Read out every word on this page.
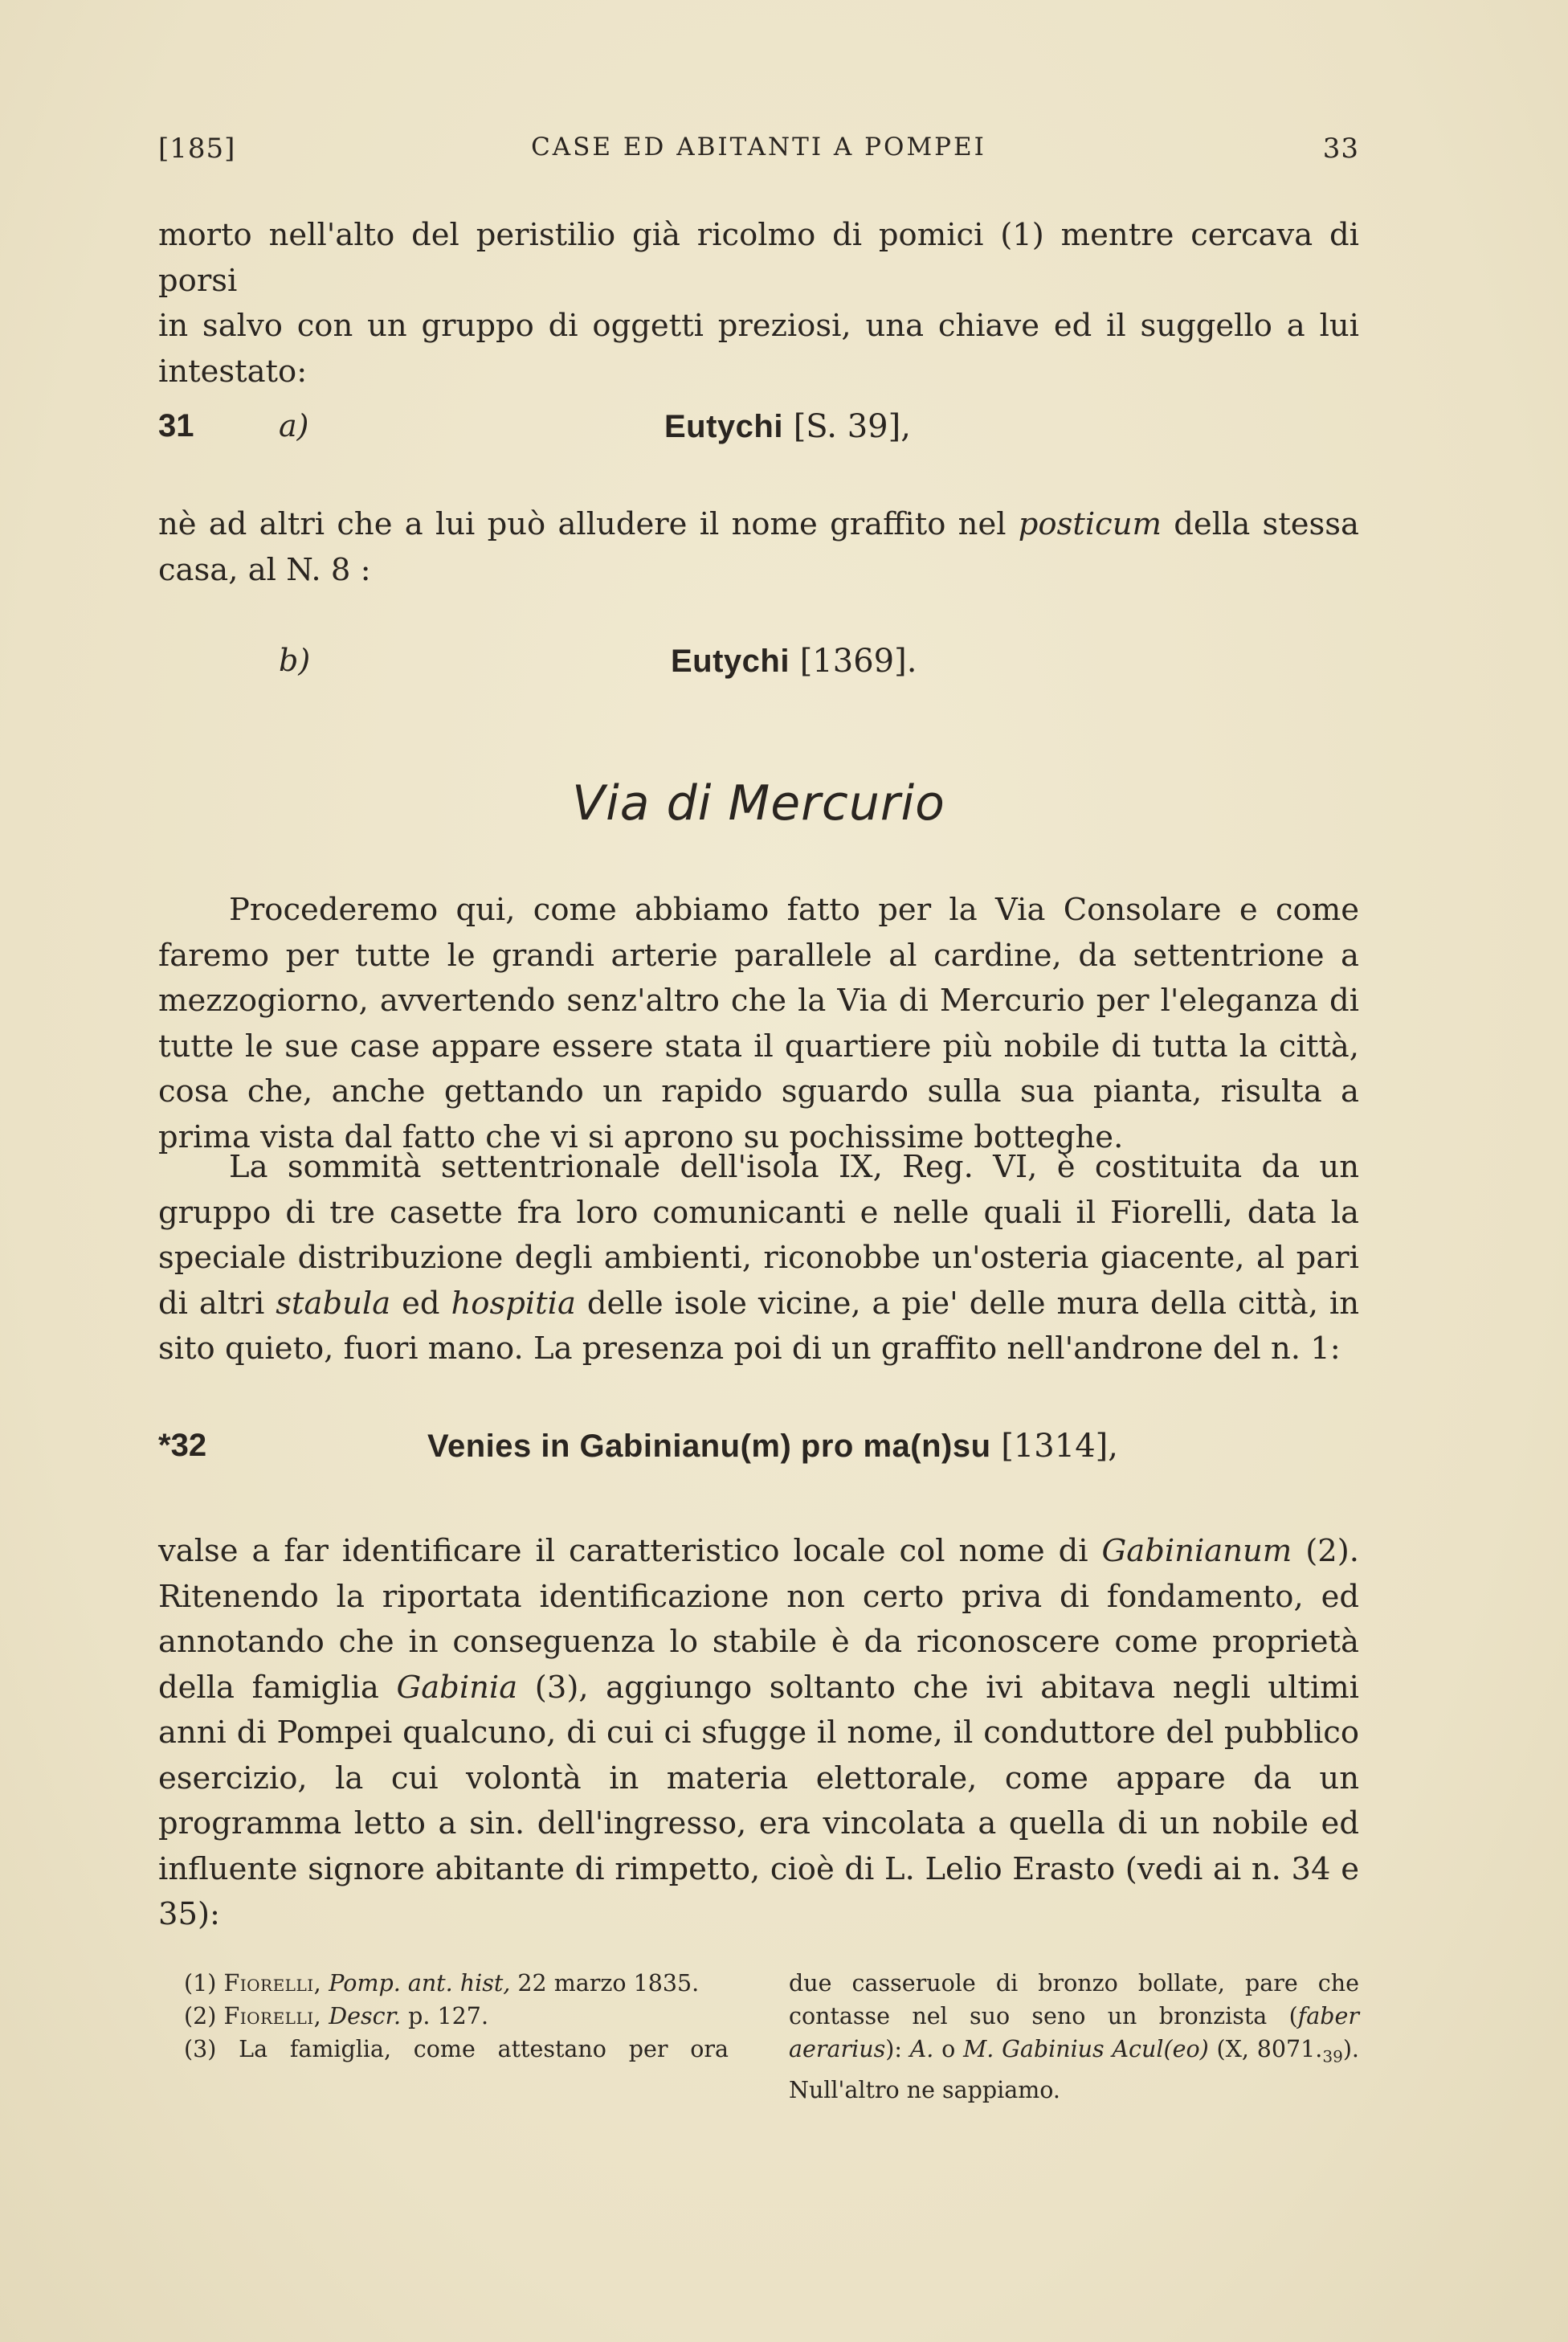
[185]	CASE ED ABITANTI A POMPEI	33

morto nell'alto del peristilio già ricolmo di pomici (1) mentre cercava di porsi

in salvo con un gruppo di oggetti preziosi, una chiave ed il suggello a lui

intestato:

31	a)	Eutychi [S. 39],

nè ad altri che a lui può alludere il nome graffito nel posticum della stessa

casa, al N. 8 :

b)	Eutychi [1369].
Via di Mercurio

Procederemo qui, come abbiamo fatto per la Via Consolare e come faremo per tutte le grandi arterie parallele al cardine, da settentrione a mezzogiorno, avvertendo senz'altro che la Via di Mercurio per l'eleganza di tutte le sue case appare essere stata il quartiere più nobile di tutta la città, cosa che, anche gettando un rapido sguardo sulla sua pianta, risulta a prima vista dal fatto che vi si aprono su pochissime botteghe.

La sommità settentrionale dell'isola IX, Reg. VI, è costituita da un gruppo di tre casette fra loro comunicanti e nelle quali il Fiorelli, data la speciale distribuzione degli ambienti, riconobbe un'osteria giacente, al pari di altri stabula ed hospitia delle isole vicine, a pie' delle mura della città, in sito quieto, fuori mano. La presenza poi di un graffito nell'androne del n. 1:

*32	Venies in Gabinianu(m) pro ma(n)su [1314],

valse a far identificare il caratteristico locale col nome di Gabinianum (2). Ritenendo la riportata identificazione non certo priva di fondamento, ed annotando che in conseguenza lo stabile è da riconoscere come proprietà della famiglia Gabinia (3), aggiungo soltanto che ivi abitava negli ultimi anni di Pompei qualcuno, di cui ci sfugge il nome, il conduttore del pubblico esercizio, la cui volontà in materia elettorale, come appare da un programma letto a sin. dell'ingresso, era vincolata a quella di un nobile ed influente signore abitante di rimpetto, cioè di L. Lelio Erasto (vedi ai n. 34 e 35):

(1) Fiorelli, Pomp. ant. hist, 22 marzo 1835.

(2) Fiorelli, Descr. p. 127.

(3) La famiglia, come attestano per ora

due casseruole di bronzo bollate, pare che contasse nel suo seno un bronzista (faber aerarius): A. o M. Gabinius Acul(eo) (X, $8071._{39}$). Null'altro ne sappiamo.
